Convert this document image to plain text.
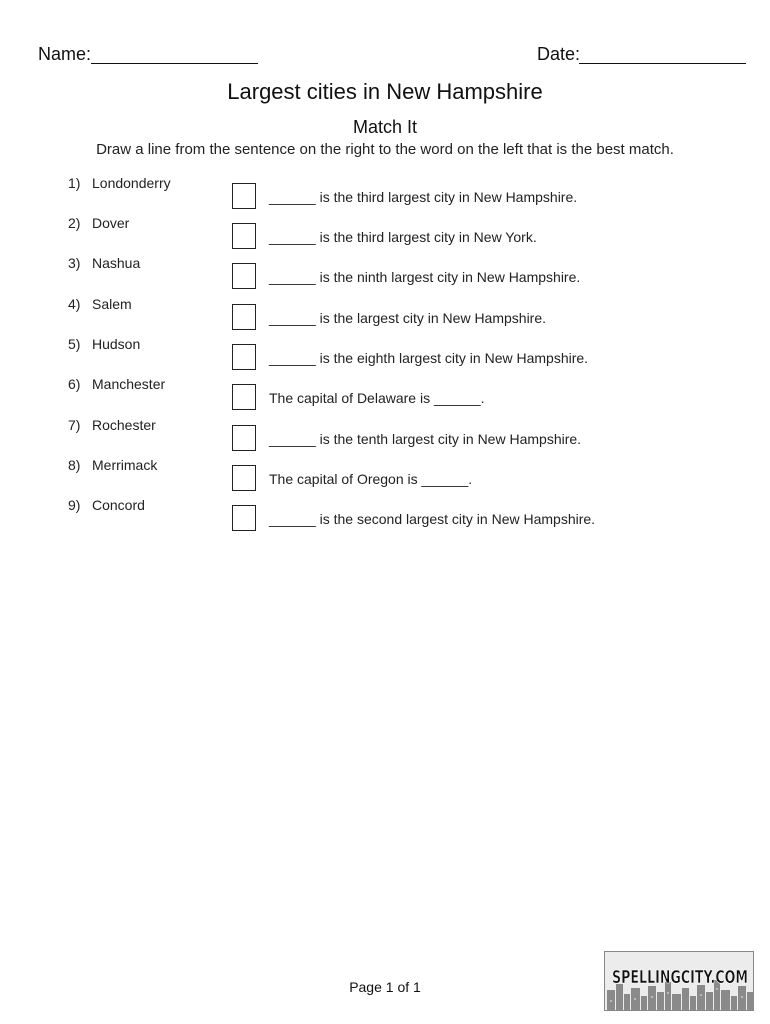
Name:	Date:
Largest cities in New Hampshire
Match It
Draw a line from the sentence on the right to the word on the left that is the best match.
1) Londonderry
2) Dover
3) Nashua
4) Salem
5) Hudson
6) Manchester
7) Rochester
8) Merrimack
9) Concord
______ is the third largest city in New Hampshire.
______ is the third largest city in New York.
______ is the ninth largest city in New Hampshire.
______ is the largest city in New Hampshire.
______ is the eighth largest city in New Hampshire.
The capital of Delaware is ______.
______ is the tenth largest city in New Hampshire.
The capital of Oregon is ______.
______ is the second largest city in New Hampshire.
Page 1 of 1	SPELLINGCITY.COM
